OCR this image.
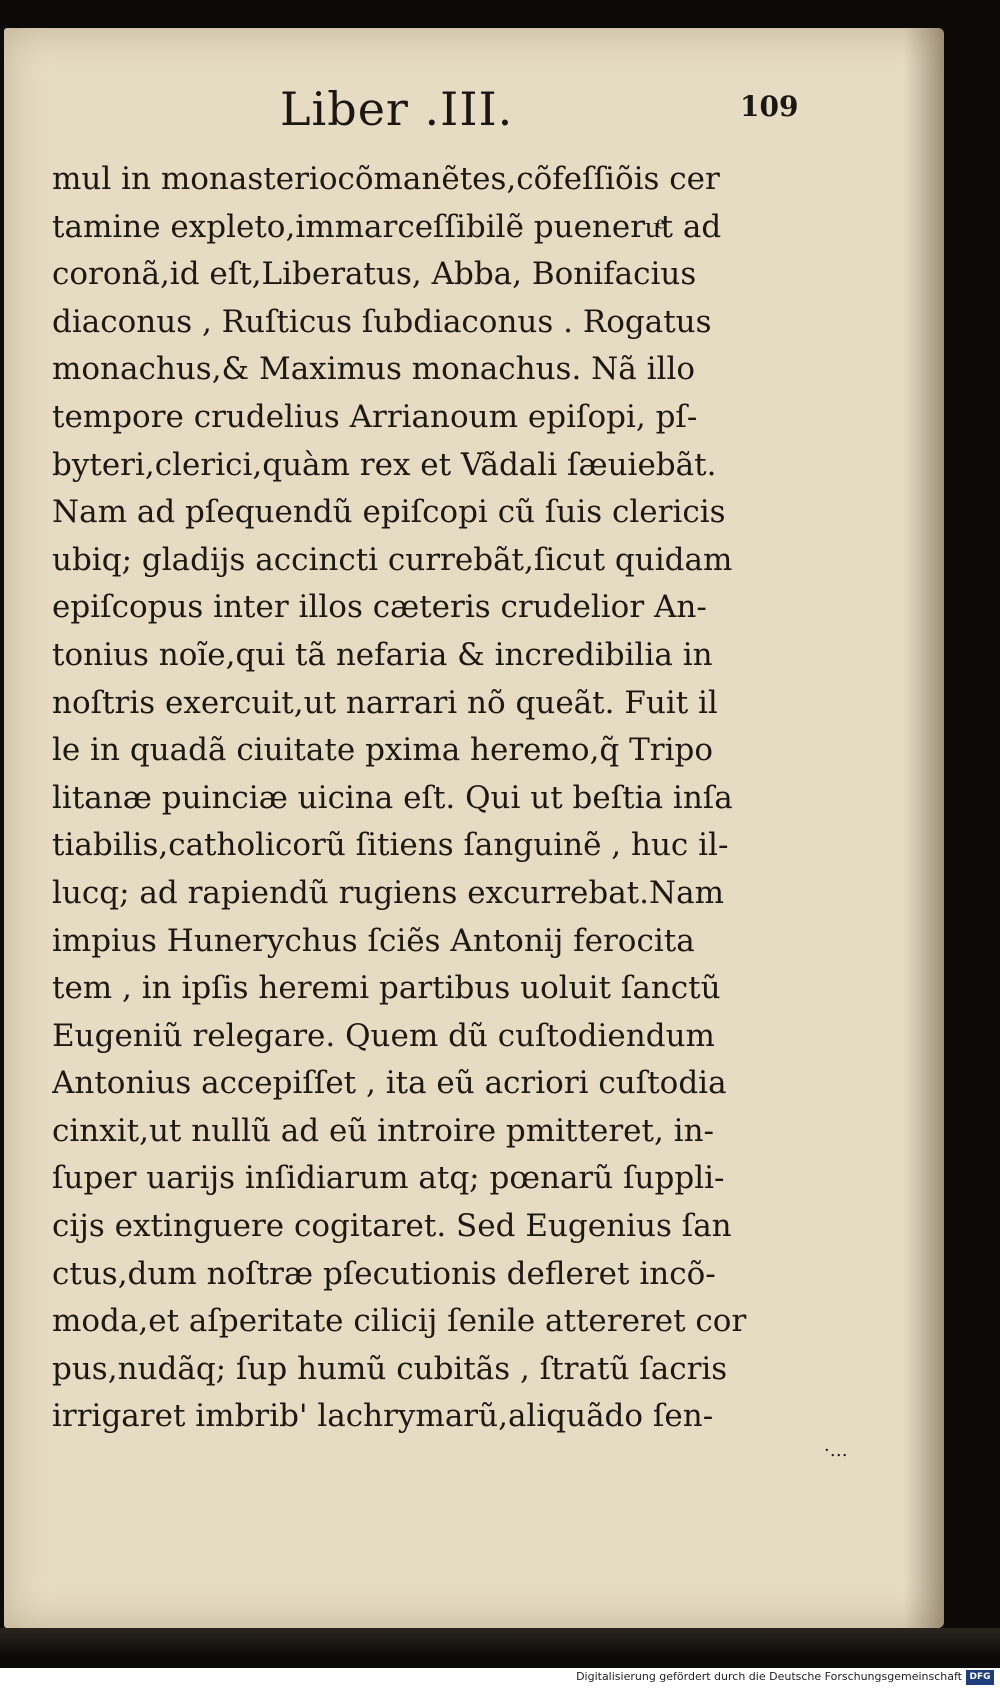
Liber .III.	109
mul in monasteriocõmanẽtes,cõfeſſiõis cer
tamine expleto,immarceſſibilẽ pueneruͤt ad
coronã,id eſt,Liberatus, Abba, Bonifacius
diaconus , Ruſticus ſubdiaconus . Rogatus
monachus,& Maximus monachus. Nã illo
tempore crudelius Arrianoum epiſopi, pſ-
byteri,clerici,quàm rex et Vãdali ſæuiebãt.
Nam ad pſequendũ epiſcopi cũ ſuis clericis
ubiq; gladijs accincti currebãt,ſicut quidam
epiſcopus inter illos cæteris crudelior An-
tonius noĩe,qui tã nefaria & incredibilia in
noſtris exercuit,ut narrari nõ queãt. Fuit il
le in quadã ciuitate pxima heremo,q̃ Tripo
litanæ puinciæ uicina eſt. Qui ut beſtia inſa
tiabilis,catholicorũ ſitiens ſanguinẽ , huc il-
lucq; ad rapiendũ rugiens excurrebat.Nam
impius Hunerychus ſciẽs Antonij ferocita
tem , in ipſis heremi partibus uoluit ſanctũ
Eugeniũ relegare. Quem dũ cuſtodiendum
Antonius accepiſſet , ita eũ acriori cuſtodia
cinxit,ut nullũ ad eũ introire pmitteret, in-
ſuper uarijs inſidiarum atq; pœnarũ ſuppli-
cijs extinguere cogitaret. Sed Eugenius ſan
ctus,dum noſtræ pſecutionis defleret incõ-
moda,et aſperitate cilicij ſenile attereret cor
pus,nudãq; ſup humũ cubitãs , ſtratũ ſacris
irrigaret imbrib' lachrymarũ,aliquãdo ſen-
·…
Digitalisierung gefördert durch die Deutsche Forschungsgemeinschaft DFG
